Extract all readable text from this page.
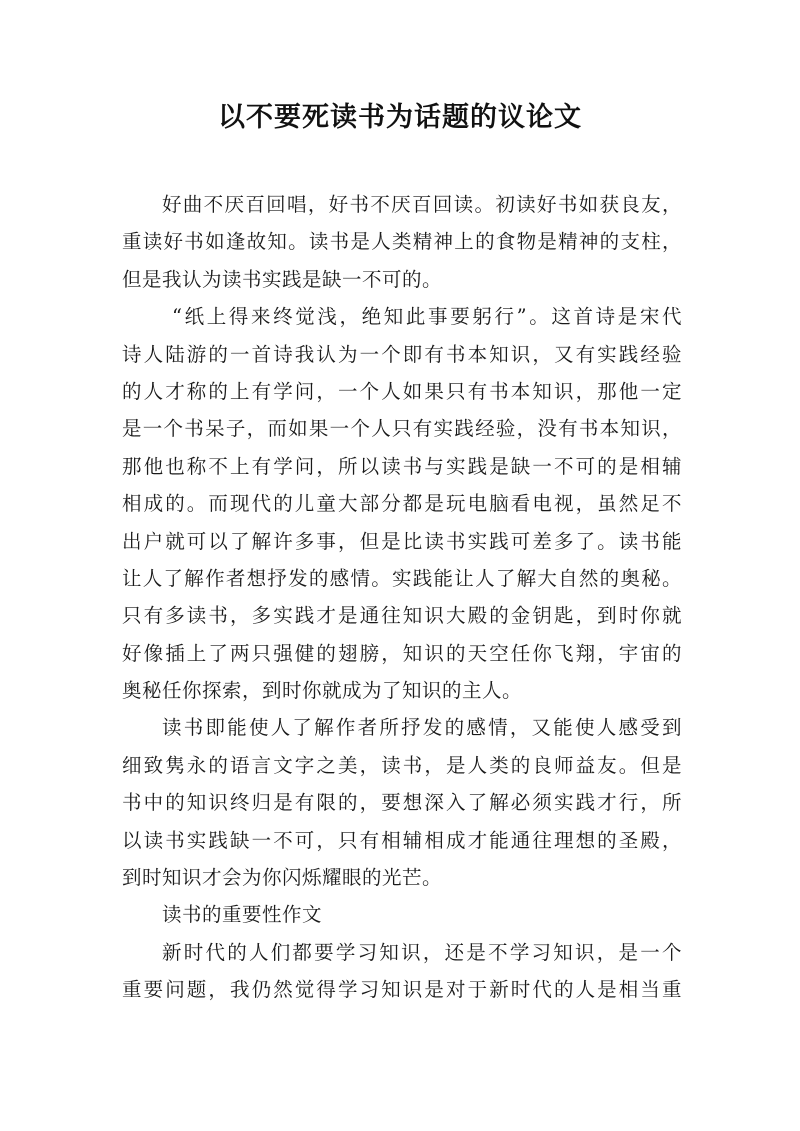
以不要死读书为话题的议论文
好曲不厌百回唱，好书不厌百回读。初读好书如获良友，
重读好书如逢故知。读书是人类精神上的食物是精神的支柱，
但是我认为读书实践是缺一不可的。
“纸上得来终觉浅，绝知此事要躬行”。这首诗是宋代
诗人陆游的一首诗我认为一个即有书本知识，又有实践经验
的人才称的上有学问，一个人如果只有书本知识，那他一定
是一个书呆子，而如果一个人只有实践经验，没有书本知识，
那他也称不上有学问，所以读书与实践是缺一不可的是相辅
相成的。而现代的儿童大部分都是玩电脑看电视，虽然足不
出户就可以了解许多事，但是比读书实践可差多了。读书能
让人了解作者想抒发的感情。实践能让人了解大自然的奥秘。
只有多读书，多实践才是通往知识大殿的金钥匙，到时你就
好像插上了两只强健的翅膀，知识的天空任你飞翔，宇宙的
奥秘任你探索，到时你就成为了知识的主人。
读书即能使人了解作者所抒发的感情，又能使人感受到
细致隽永的语言文字之美，读书，是人类的良师益友。但是
书中的知识终归是有限的，要想深入了解必须实践才行，所
以读书实践缺一不可，只有相辅相成才能通往理想的圣殿，
到时知识才会为你闪烁耀眼的光芒。
读书的重要性作文
新时代的人们都要学习知识，还是不学习知识，是一个
重要问题，我仍然觉得学习知识是对于新时代的人是相当重
